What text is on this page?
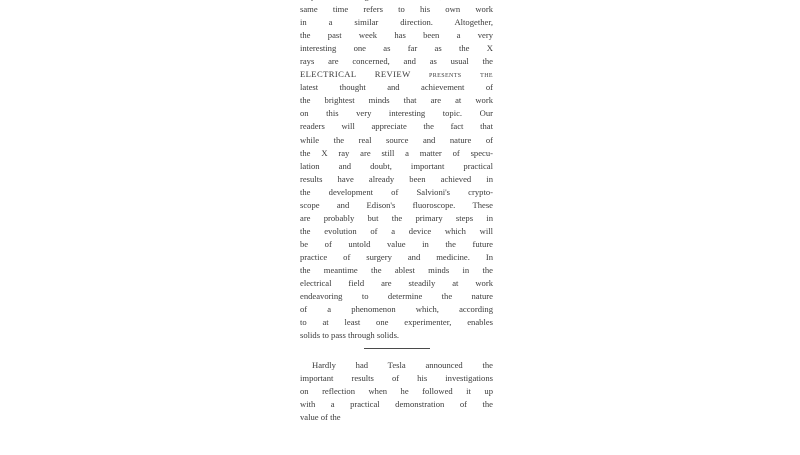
same time refers to his own work
in a similar direction. Altogether,
the past week has been a very
interesting one as far as the X
rays are concerned, and as usual the
ELECTRICAL REVIEW presents the
latest thought and achievement of
the brightest minds that are at work
on this very interesting topic. Our
readers will appreciate the fact that
while the real source and nature of
the X ray are still a matter of specu-
lation and doubt, important practical
results have already been achieved in
the development of Salvioni's crypto-
scope and Edison's fluoroscope. These
are probably but the primary steps in
the evolution of a device which will
be of untold value in the future
practice of surgery and medicine. In
the meantime the ablest minds in the
electrical field are steadily at work
endeavoring to determine the nature
of a phenomenon which, according
to at least one experimenter, enables
solids to pass through solids.
Hardly had Tesla announced the
important results of his investigations
on reflection when he followed it up
with a practical demonstration of the
value of the
